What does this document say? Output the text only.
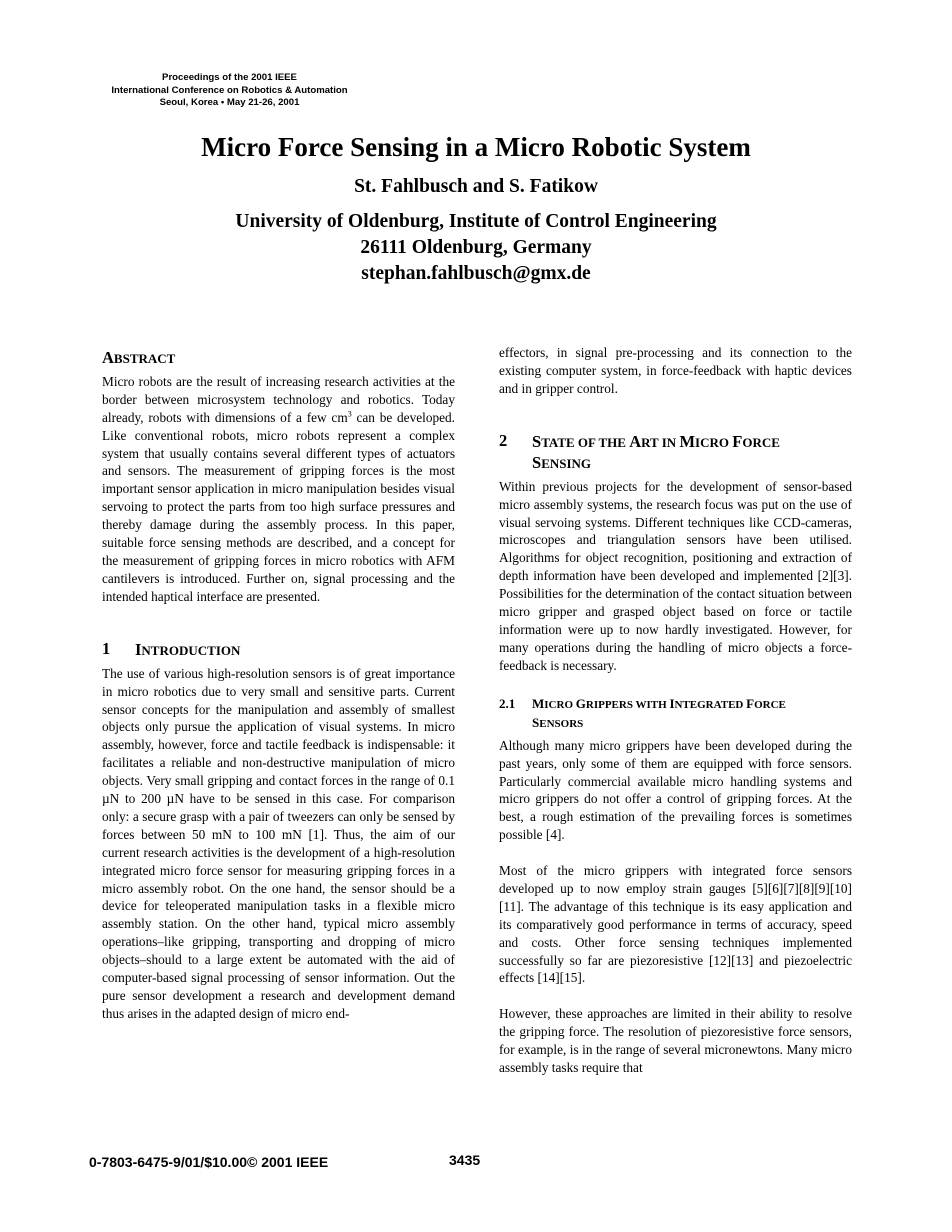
Proceedings of the 2001 IEEE
International Conference on Robotics & Automation
Seoul, Korea • May 21-26, 2001
Micro Force Sensing in a Micro Robotic System
St. Fahlbusch and S. Fatikow
University of Oldenburg, Institute of Control Engineering
26111 Oldenburg, Germany
stephan.fahlbusch@gmx.de
ABSTRACT

Micro robots are the result of increasing research activities at the border between microsystem technology and robotics. Today already, robots with dimensions of a few $cm^3$ can be developed. Like conventional robots, micro robots represent a complex system that usually contains several different types of actuators and sensors. The measurement of gripping forces is the most important sensor application in micro manipulation besides visual servoing to protect the parts from too high surface pressures and thereby damage during the assembly process. In this paper, suitable force sensing methods are described, and a concept for the measurement of gripping forces in micro robotics with AFM cantilevers is introduced. Further on, signal processing and the intended haptical interface are presented.

1	INTRODUCTION

The use of various high-resolution sensors is of great importance in micro robotics due to very small and sensitive parts. Current sensor concepts for the manipulation and assembly of smallest objects only pursue the application of visual systems. In micro assembly, however, force and tactile feedback is indispensable: it facilitates a reliable and non-destructive manipulation of micro objects. Very small gripping and contact forces in the range of 0.1 µN to 200 µN have to be sensed in this case. For comparison only: a secure grasp with a pair of tweezers can only be sensed by forces between 50 mN to 100 mN [1]. Thus, the aim of our current research activities is the development of a high-resolution integrated micro force sensor for measuring gripping forces in a micro assembly robot. On the one hand, the sensor should be a device for teleoperated manipulation tasks in a flexible micro assembly station. On the other hand, typical micro assembly operations–like gripping, transporting and dropping of micro objects–should to a large extent be automated with the aid of computer-based signal processing of sensor information. Out the pure sensor development a research and development demand thus arises in the adapted design of micro end-

effectors, in signal pre-processing and its connection to the existing computer system, in force-feedback with haptic devices and in gripper control.

2	STATE OF THE ART IN MICRO FORCE
SENSING

Within previous projects for the development of sensor-based micro assembly systems, the research focus was put on the use of visual servoing systems. Different techniques like CCD-cameras, microscopes and triangulation sensors have been utilised. Algorithms for object recognition, positioning and extraction of depth information have been developed and implemented [2][3]. Possibilities for the determination of the contact situation between micro gripper and grasped object based on force or tactile information were up to now hardly investigated. However, for many operations during the handling of micro objects a force-feedback is necessary.

2.1	MICRO GRIPPERS WITH INTEGRATED FORCE
SENSORS

Although many micro grippers have been developed during the past years, only some of them are equipped with force sensors. Particularly commercial available micro handling systems and micro grippers do not offer a control of gripping forces. At the best, a rough estimation of the prevailing forces is sometimes possible [4].

Most of the micro grippers with integrated force sensors developed up to now employ strain gauges [5][6][7][8][9][10][11]. The advantage of this technique is its easy application and its comparatively good performance in terms of accuracy, speed and costs. Other force sensing techniques implemented successfully so far are piezoresistive [12][13] and piezoelectric effects [14][15].

However, these approaches are limited in their ability to resolve the gripping force. The resolution of piezoresistive force sensors, for example, is in the range of several micronewtons. Many micro assembly tasks require that

0-7803-6475-9/01/$10.00© 2001 IEEE	3435
